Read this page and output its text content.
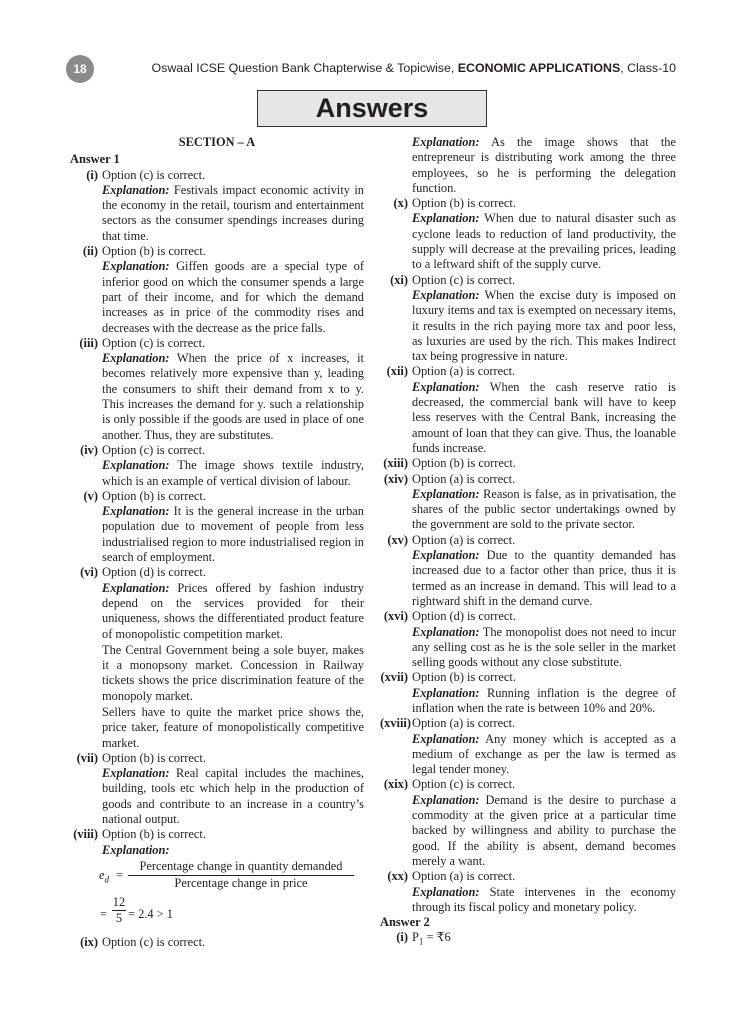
18	Oswaal ICSE Question Bank Chapterwise & Topicwise, ECONOMIC APPLICATIONS, Class-10
Answers
SECTION – A
Answer 1
(i) Option (c) is correct.
Explanation: Festivals impact economic activity in the economy in the retail, tourism and entertainment sectors as the consumer spendings increases during that time.
(ii) Option (b) is correct.
Explanation: Giffen goods are a special type of inferior good on which the consumer spends a large part of their income, and for which the demand increases as in price of the commodity rises and decreases with the decrease as the price falls.
(iii) Option (c) is correct.
Explanation: When the price of x increases, it becomes relatively more expensive than y, leading the consumers to shift their demand from x to y. This increases the demand for y. such a relationship is only possible if the goods are used in place of one another. Thus, they are substitutes.
(iv) Option (c) is correct.
Explanation: The image shows textile industry, which is an example of vertical division of labour.
(v) Option (b) is correct.
Explanation: It is the general increase in the urban population due to movement of people from less industrialised region to more industrialised region in search of employment.
(vi) Option (d) is correct.
Explanation: Prices offered by fashion industry depend on the services provided for their uniqueness, shows the differentiated product feature of monopolistic competition market.
The Central Government being a sole buyer, makes it a monopsony market. Concession in Railway tickets shows the price discrimination feature of the monopoly market.
Sellers have to quite the market price shows the, price taker, feature of monopolistically competitive market.
(vii) Option (b) is correct.
Explanation: Real capital includes the machines, building, tools etc which help in the production of goods and contribute to an increase in a country’s national output.
(viii) Option (b) is correct.
Explanation:
$e_d$ =
Percentage change in quantity demanded
Percentage change in price
= $\frac{12}{5} = 2.4 > 1$
(ix) Option (c) is correct.
Explanation: As the image shows that the entrepreneur is distributing work among the three employees, so he is performing the delegation function.
(x) Option (b) is correct.
Explanation: When due to natural disaster such as cyclone leads to reduction of land productivity, the supply will decrease at the prevailing prices, leading to a leftward shift of the supply curve.
(xi) Option (c) is correct.
Explanation: When the excise duty is imposed on luxury items and tax is exempted on necessary items, it results in the rich paying more tax and poor less, as luxuries are used by the rich. This makes Indirect tax being progressive in nature.
(xii) Option (a) is correct.
Explanation: When the cash reserve ratio is decreased, the commercial bank will have to keep less reserves with the Central Bank, increasing the amount of loan that they can give. Thus, the loanable funds increase.
(xiii) Option (b) is correct.
(xiv) Option (a) is correct.
Explanation: Reason is false, as in privatisation, the shares of the public sector undertakings owned by the government are sold to the private sector.
(xv) Option (a) is correct.
Explanation: Due to the quantity demanded has increased due to a factor other than price, thus it is termed as an increase in demand. This will lead to a rightward shift in the demand curve.
(xvi) Option (d) is correct.
Explanation: The monopolist does not need to incur any selling cost as he is the sole seller in the market selling goods without any close substitute.
(xvii) Option (b) is correct.
Explanation: Running inflation is the degree of inflation when the rate is between 10% and 20%.
(xviii) Option (a) is correct.
Explanation: Any money which is accepted as a medium of exchange as per the law is termed as legal tender money.
(xix) Option (c) is correct.
Explanation: Demand is the desire to purchase a commodity at the given price at a particular time backed by willingness and ability to purchase the good. If the ability is absent, demand becomes merely a want.
(xx) Option (a) is correct.
Explanation: State intervenes in the economy through its fiscal policy and monetary policy.
Answer 2
(i) $P_1$ = ₹6
